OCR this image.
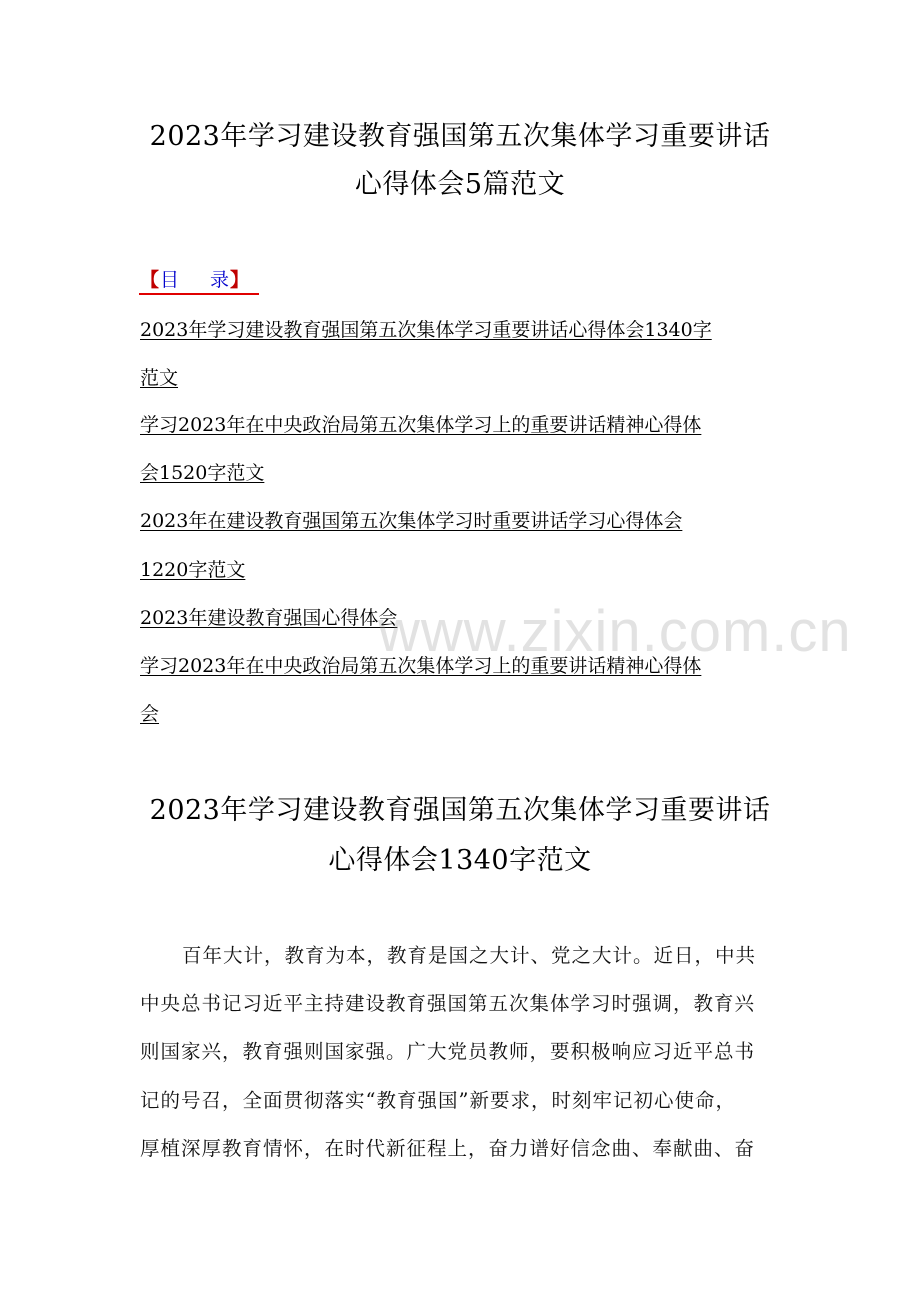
2023年学习建设教育强国第五次集体学习重要讲话
心得体会5篇范文
【目 录】
2023年学习建设教育强国第五次集体学习重要讲话心得体会1340字
范文
学习2023年在中央政治局第五次集体学习上的重要讲话精神心得体
会1520字范文
2023年在建设教育强国第五次集体学习时重要讲话学习心得体会
1220字范文
2023年建设教育强国心得体会
学习2023年在中央政治局第五次集体学习上的重要讲话精神心得体
会
www.zixin.com.cn
2023年学习建设教育强国第五次集体学习重要讲话
心得体会1340字范文
百年大计，教育为本，教育是国之大计、党之大计。近日，中共
中央总书记习近平主持建设教育强国第五次集体学习时强调，教育兴
则国家兴，教育强则国家强。广大党员教师，要积极响应习近平总书
记的号召，全面贯彻落实“教育强国”新要求，时刻牢记初心使命，
厚植深厚教育情怀，在时代新征程上，奋力谱好信念曲、奉献曲、奋
